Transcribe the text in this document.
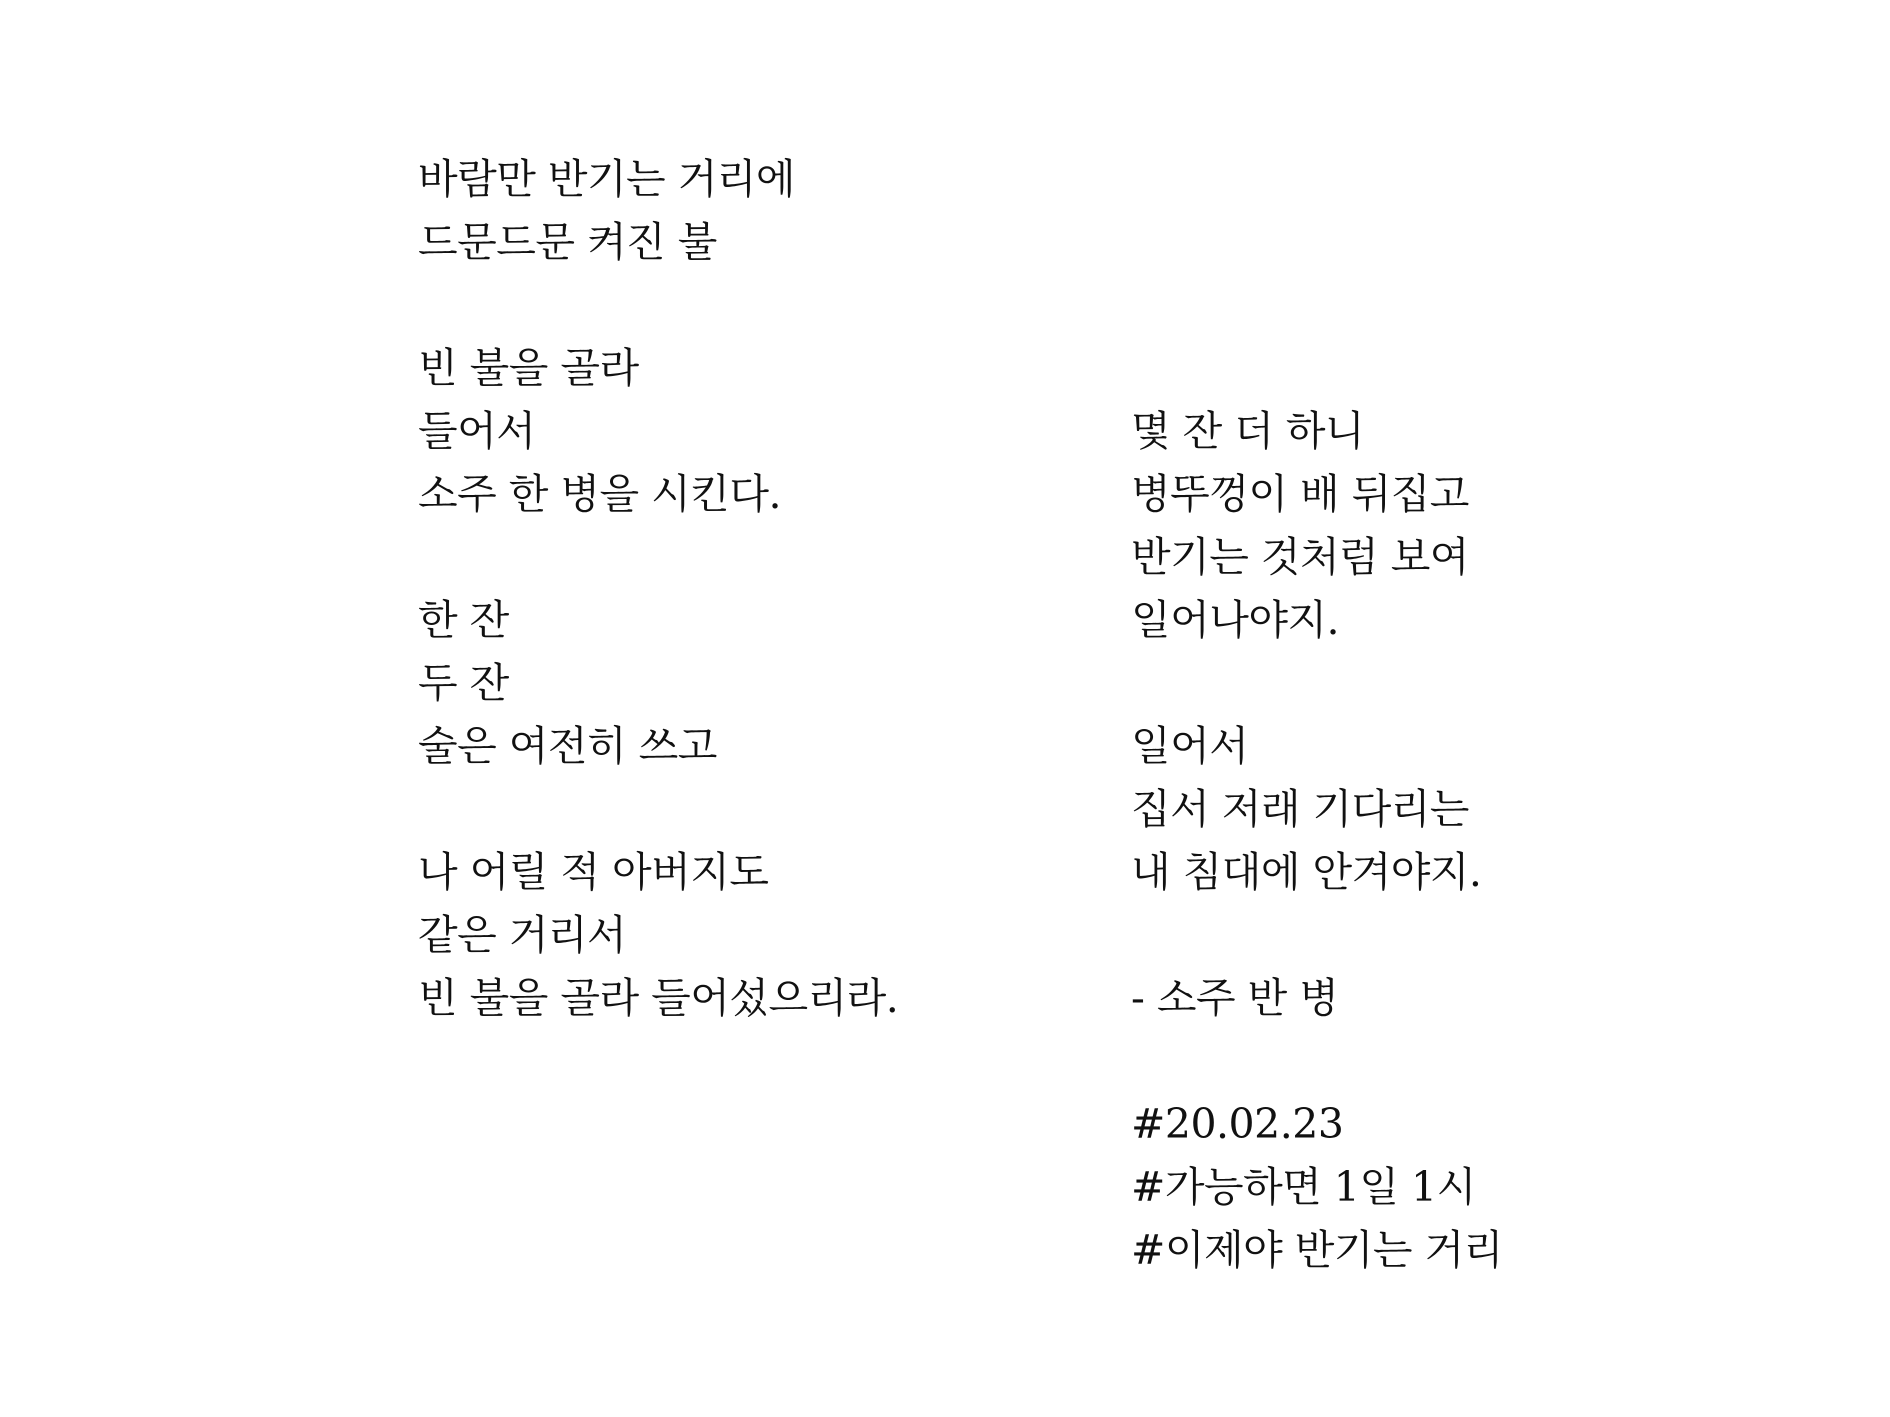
바람만 반기는 거리에
드문드문 켜진 불
빈 불을 골라
들어서
소주 한 병을 시킨다.
한 잔
두 잔
술은 여전히 쓰고
나 어릴 적 아버지도
같은 거리서
빈 불을 골라 들어섰으리라.
몇 잔 더 하니
병뚜껑이 배 뒤집고
반기는 것처럼 보여
일어나야지.
일어서
집서 저래 기다리는
내 침대에 안겨야지.
- 소주 반 병
#20.02.23
#가능하면 1일 1시
#이제야 반기는 거리
